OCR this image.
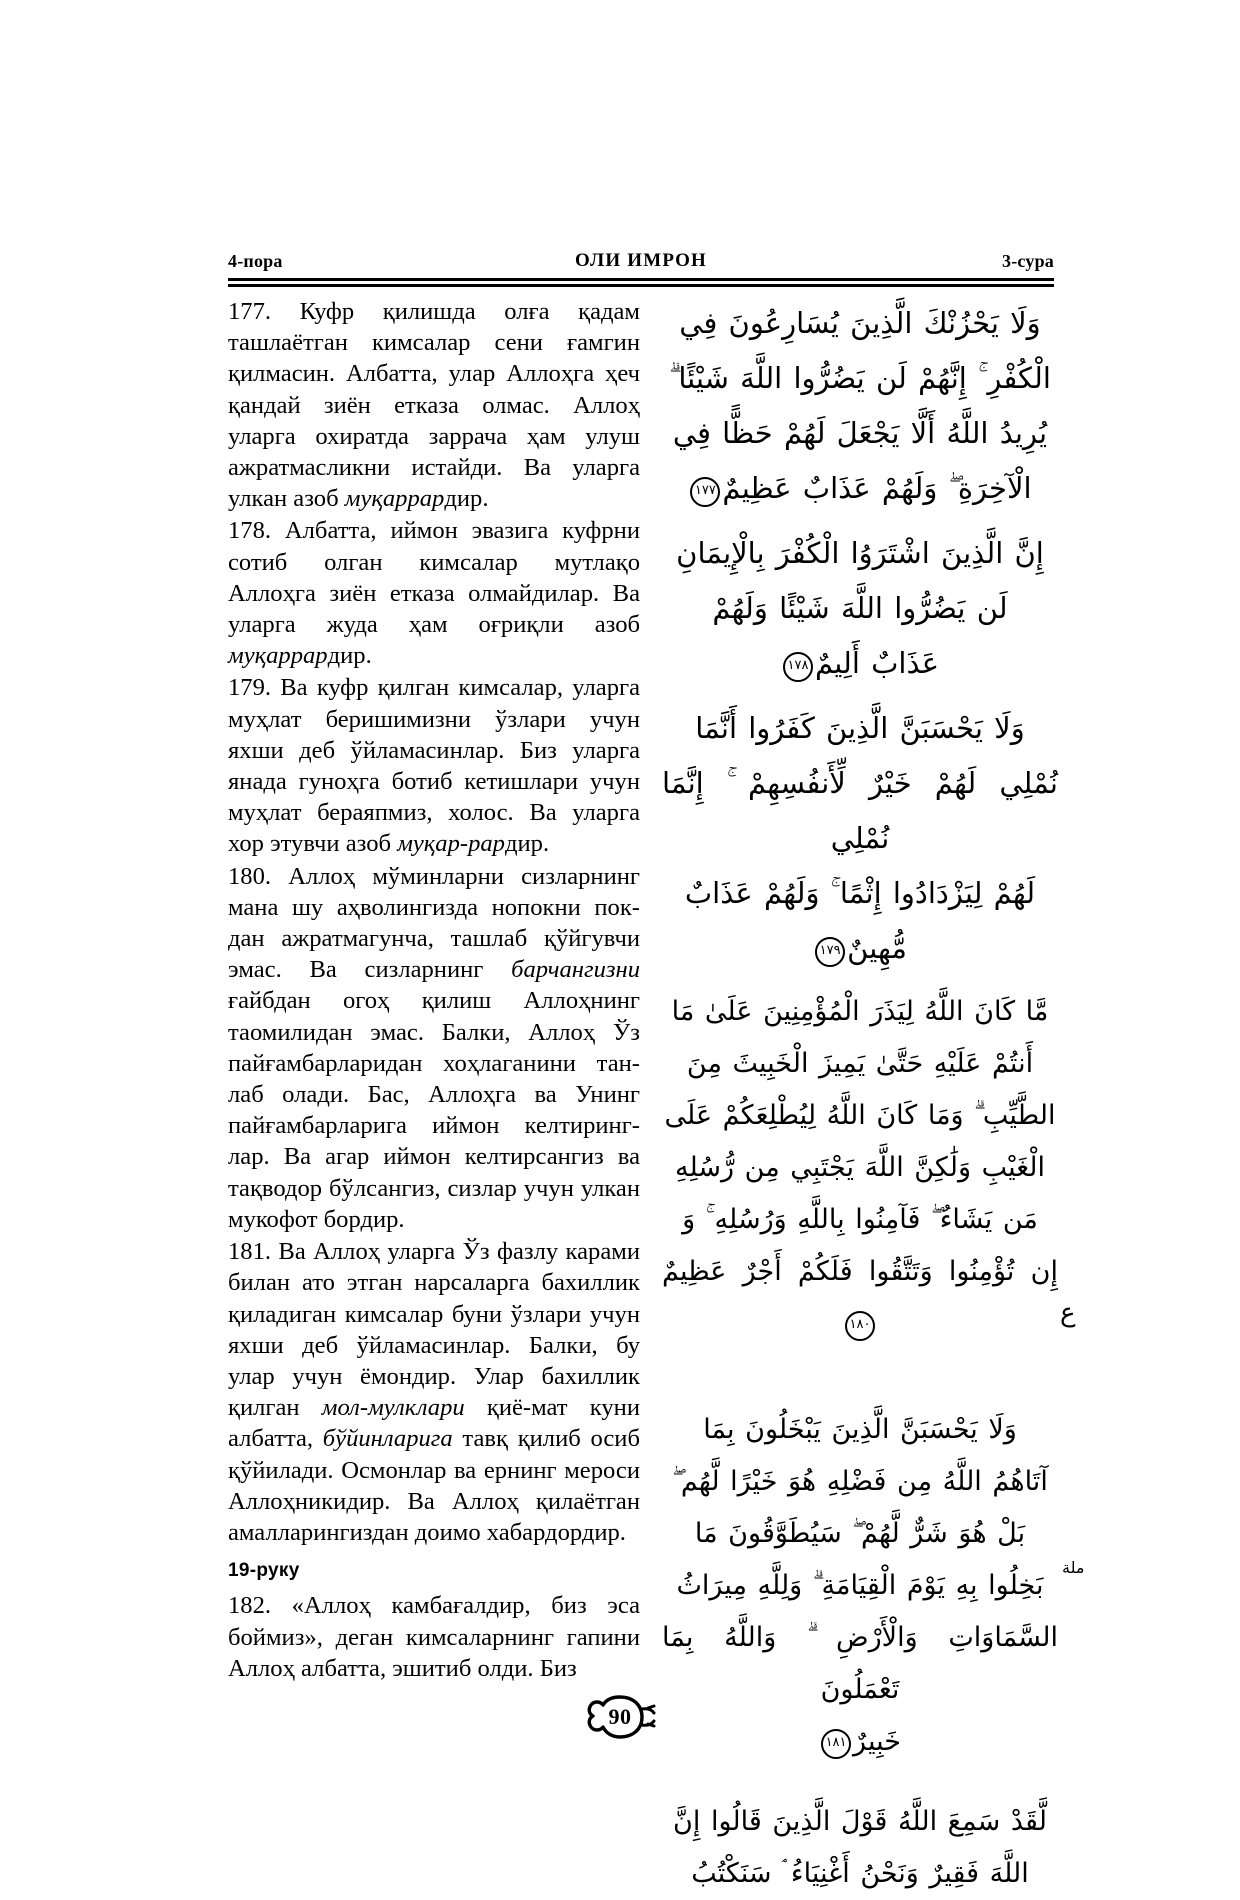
4-пора	ОЛИ ИМРОН	3-сура

177. Куфр қилишда олға қадам ташлаётган кимсалар сени ғамгин қилмасин. Албатта, улар Аллоҳга ҳеч қандай зиён етказа олмас. Аллоҳ уларга охиратда заррача ҳам улуш ажратмасликни истайди. Ва уларга улкан азоб муқаррардир.

178. Албатта, иймон эвазига куфрни сотиб олган кимсалар мутлақо Аллоҳга зиён етказа олмайдилар. Ва уларга жуда ҳам оғриқли азоб муқаррардир.

179. Ва куфр қилган кимсалар, уларга муҳлат беришимизни ўзлари учун яхши деб ўйламасинлар. Биз уларга янада гуноҳга ботиб кетишлари учун муҳлат бераяпмиз, холос. Ва уларга хор этувчи азоб муқар-рардир.

180. Аллоҳ мўминларни сизларнинг мана шу аҳволингизда нопокни пок-дан ажратмагунча, ташлаб қўйгувчи эмас. Ва сизларнинг барчангизни ғайбдан огоҳ қилиш Аллоҳнинг таомилидан эмас. Балки, Аллоҳ Ўз пайғамбарларидан хоҳлаганини тан-лаб олади. Бас, Аллоҳга ва Унинг пайғамбарларига иймон келтиринг-лар. Ва агар иймон келтирсангиз ва тақводор бўлсангиз, сизлар учун улкан мукофот бордир.

181. Ва Аллоҳ уларга Ўз фазлу карами билан ато этган нарсаларга бахиллик қиладиган кимсалар буни ўзлари учун яхши деб ўйламасинлар. Балки, бу улар учун ёмондир. Улар бахиллик қилган мол-мулклари қиё-мат куни албатта, бўйинларига тавқ қилиб осиб қўйилади. Осмонлар ва ернинг мероси Аллоҳникидир. Ва Аллоҳ қилаётган амалларингиздан доимо хабардордир.

19-руку

182. «Аллоҳ камбағалдир, биз эса боймиз», деган кимсаларнинг гапини Аллоҳ албатта, эшитиб олди. Биз

وَلَا يَحْزُنْكَ الَّذِينَ يُسَارِعُونَ فِي

الْكُفْرِ ۚ إِنَّهُمْ لَن يَضُرُّوا اللَّهَ شَيْئًا ۗ

يُرِيدُ اللَّهُ أَلَّا يَجْعَلَ لَهُمْ حَظًّا فِي

الْآخِرَةِ ۖ وَلَهُمْ عَذَابٌ عَظِيمٌ١٧٧

إِنَّ الَّذِينَ اشْتَرَوُا الْكُفْرَ بِالْإِيمَانِ

لَن يَضُرُّوا اللَّهَ شَيْئًا وَلَهُمْ

عَذَابٌ أَلِيمٌ١٧٨

وَلَا يَحْسَبَنَّ الَّذِينَ كَفَرُوا أَنَّمَا

نُمْلِي لَهُمْ خَيْرٌ لِّأَنفُسِهِمْ ۚ إِنَّمَا نُمْلِي

لَهُمْ لِيَزْدَادُوا إِثْمًا ۚ وَلَهُمْ عَذَابٌ

مُّهِينٌ١٧٩

مَّا كَانَ اللَّهُ لِيَذَرَ الْمُؤْمِنِينَ عَلَىٰ مَا

أَنتُمْ عَلَيْهِ حَتَّىٰ يَمِيزَ الْخَبِيثَ مِنَ

الطَّيِّبِ ۗ وَمَا كَانَ اللَّهُ لِيُطْلِعَكُمْ عَلَى

الْغَيْبِ وَلَٰكِنَّ اللَّهَ يَجْتَبِي مِن رُّسُلِهِ

مَن يَشَاءُ ۖ فَآمِنُوا بِاللَّهِ وَرُسُلِهِ ۚ وَ

إِن تُؤْمِنُوا وَتَتَّقُوا فَلَكُمْ أَجْرٌ عَظِيمٌ١٨٠

وَلَا يَحْسَبَنَّ الَّذِينَ يَبْخَلُونَ بِمَا

آتَاهُمُ اللَّهُ مِن فَضْلِهِ هُوَ خَيْرًا لَّهُم ۖ

بَلْ هُوَ شَرٌّ لَّهُمْ ۖ سَيُطَوَّقُونَ مَا

بَخِلُوا بِهِ يَوْمَ الْقِيَامَةِ ۗ وَلِلَّهِ مِيرَاثُ

السَّمَاوَاتِ وَالْأَرْضِ ۗ وَاللَّهُ بِمَا تَعْمَلُونَ

خَبِيرٌ١٨١

لَّقَدْ سَمِعَ اللَّهُ قَوْلَ الَّذِينَ قَالُوا إِنَّ

اللَّهَ فَقِيرٌ وَنَحْنُ أَغْنِيَاءُ ۘ سَنَكْتُبُ

ع
ملة
90
